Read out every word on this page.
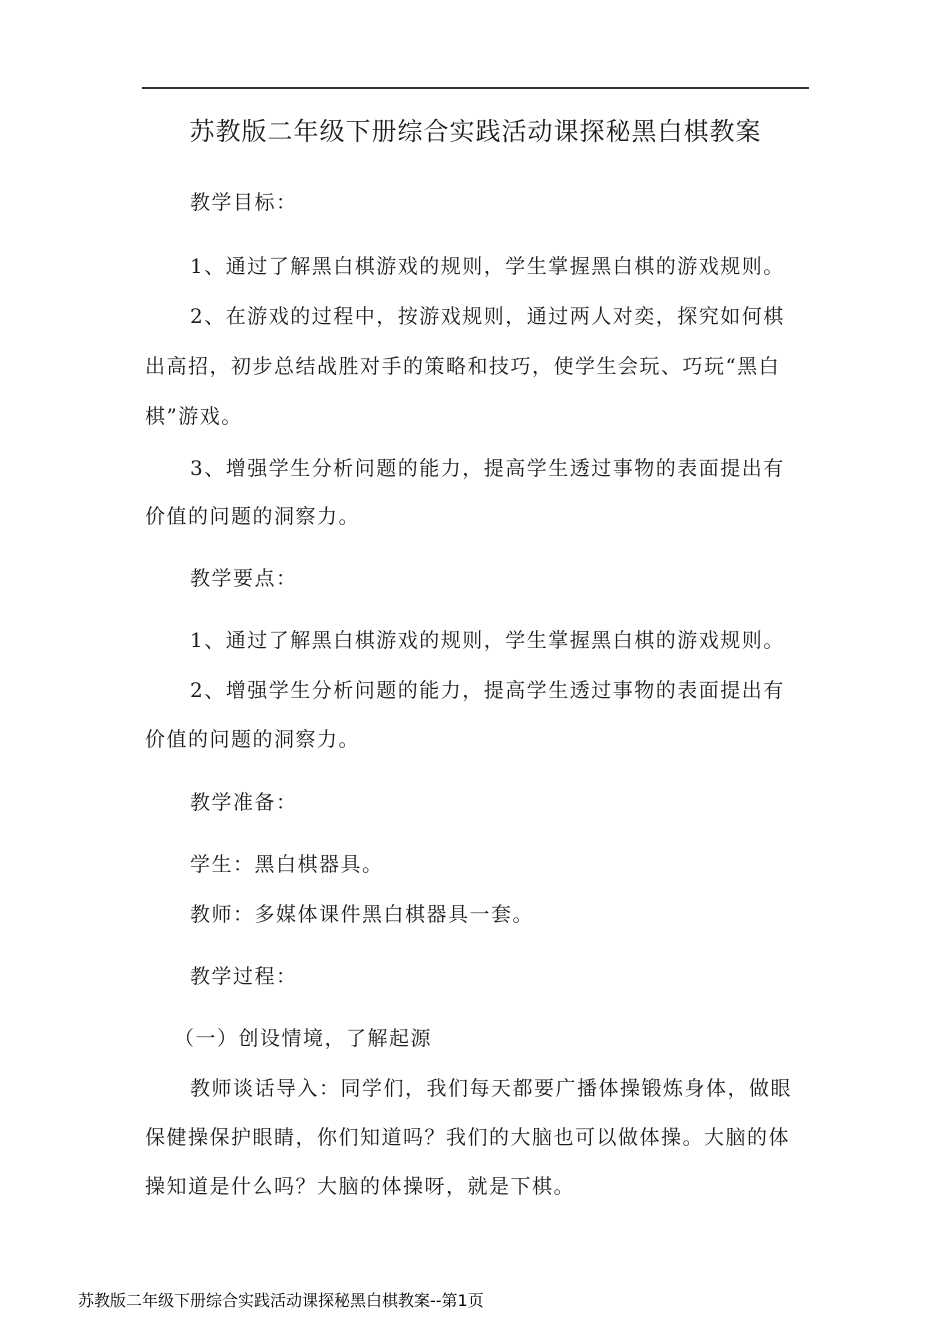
苏教版二年级下册综合实践活动课探秘黑白棋教案
教学目标：
1、通过了解黑白棋游戏的规则，学生掌握黑白棋的游戏规则。
2、在游戏的过程中，按游戏规则，通过两人对奕，探究如何棋
出高招，初步总结战胜对手的策略和技巧，使学生会玩、巧玩“黑白
棋”游戏。
3、增强学生分析问题的能力，提高学生透过事物的表面提出有
价值的问题的洞察力。
教学要点：
1、通过了解黑白棋游戏的规则，学生掌握黑白棋的游戏规则。
2、增强学生分析问题的能力，提高学生透过事物的表面提出有
价值的问题的洞察力。
教学准备：
学生：黑白棋器具。
教师：多媒体课件黑白棋器具一套。
教学过程：
（一）创设情境，了解起源
教师谈话导入：同学们，我们每天都要广播体操锻炼身体，做眼
保健操保护眼睛，你们知道吗？我们的大脑也可以做体操。大脑的体
操知道是什么吗？大脑的体操呀，就是下棋。
苏教版二年级下册综合实践活动课探秘黑白棋教案--第1页
